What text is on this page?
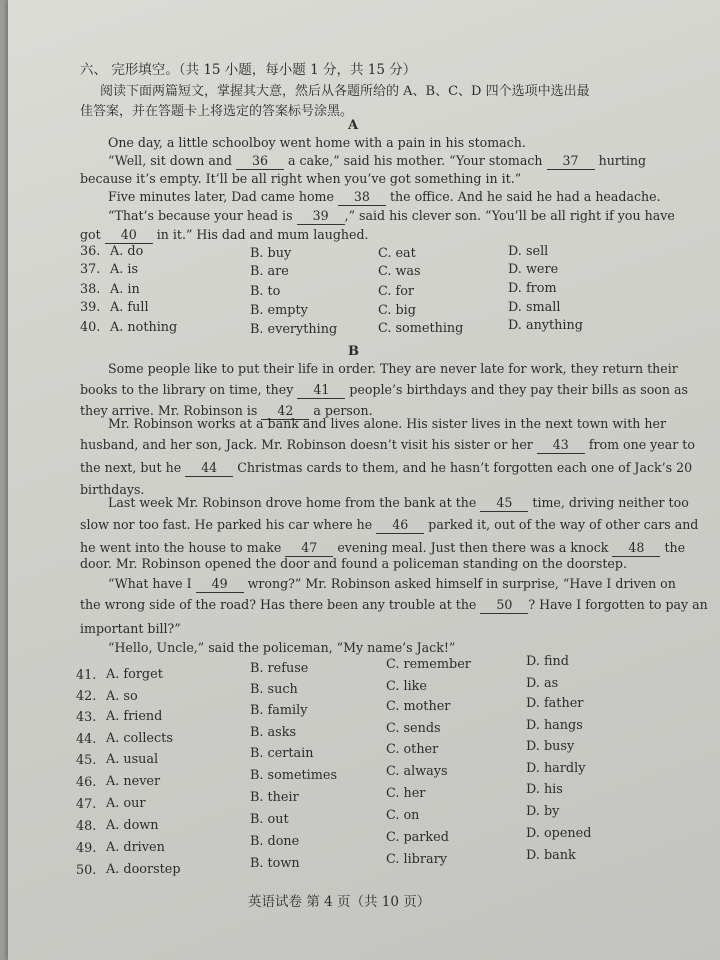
六、 完形填空。（共 15 小题，每小题 1 分，共 15 分）
阅读下面两篇短文，掌握其大意，然后从各题所给的 A、B、C、D 四个选项中选出最
佳答案，并在答题卡上将选定的答案标号涂黑。
A
One day, a little schoolboy went home with a pain in his stomach.
“Well, sit down and 36 a cake,” said his mother. “Your stomach 37 hurting
because it’s empty. It’ll be all right when you’ve got something in it.”
Five minutes later, Dad came home 38 the office. And he said he had a headache.
“That’s because your head is 39 ,” said his clever son. “You’ll be all right if you have
got 40 in it.” His dad and mum laughed.
36. A. do	B. buy	C. eat	D. sell
37. A. is	B. are	C. was	D. were
38. A. in	B. to	C. for	D. from
39. A. full	B. empty	C. big	D. small
40. A. nothing	B. everything	C. something	D. anything
B
Some people like to put their life in order. They are never late for work, they return their
books to the library on time, they 41 people’s birthdays and they pay their bills as soon as
they arrive. Mr. Robinson is 42 a person.
Mr. Robinson works at a bank and lives alone. His sister lives in the next town with her
husband, and her son, Jack. Mr. Robinson doesn’t visit his sister or her 43 from one year to
the next, but he 44 Christmas cards to them, and he hasn’t forgotten each one of Jack’s 20
birthdays.
Last week Mr. Robinson drove home from the bank at the 45 time, driving neither too
slow nor too fast. He parked his car where he 46 parked it, out of the way of other cars and
he went into the house to make 47 evening meal. Just then there was a knock 48 the
door. Mr. Robinson opened the door and found a policeman standing on the doorstep.
“What have I 49 wrong?” Mr. Robinson asked himself in surprise, “Have I driven on
the wrong side of the road? Has there been any trouble at the 50 ? Have I forgotten to pay an
important bill?”
“Hello, Uncle,” said the policeman, “My name’s Jack!”
41. A. forget	B. refuse	C. remember	D. find
42. A. so	B. such	C. like	D. as
43. A. friend	B. family	C. mother	D. father
44. A. collects	B. asks	C. sends	D. hangs
45. A. usual	B. certain	C. other	D. busy
46. A. never	B. sometimes	C. always	D. hardly
47. A. our	B. their	C. her	D. his
48. A. down	B. out	C. on	D. by
49. A. driven	B. done	C. parked	D. opened
50. A. doorstep	B. town	C. library	D. bank
英语试卷 第 4 页（共 10 页）
